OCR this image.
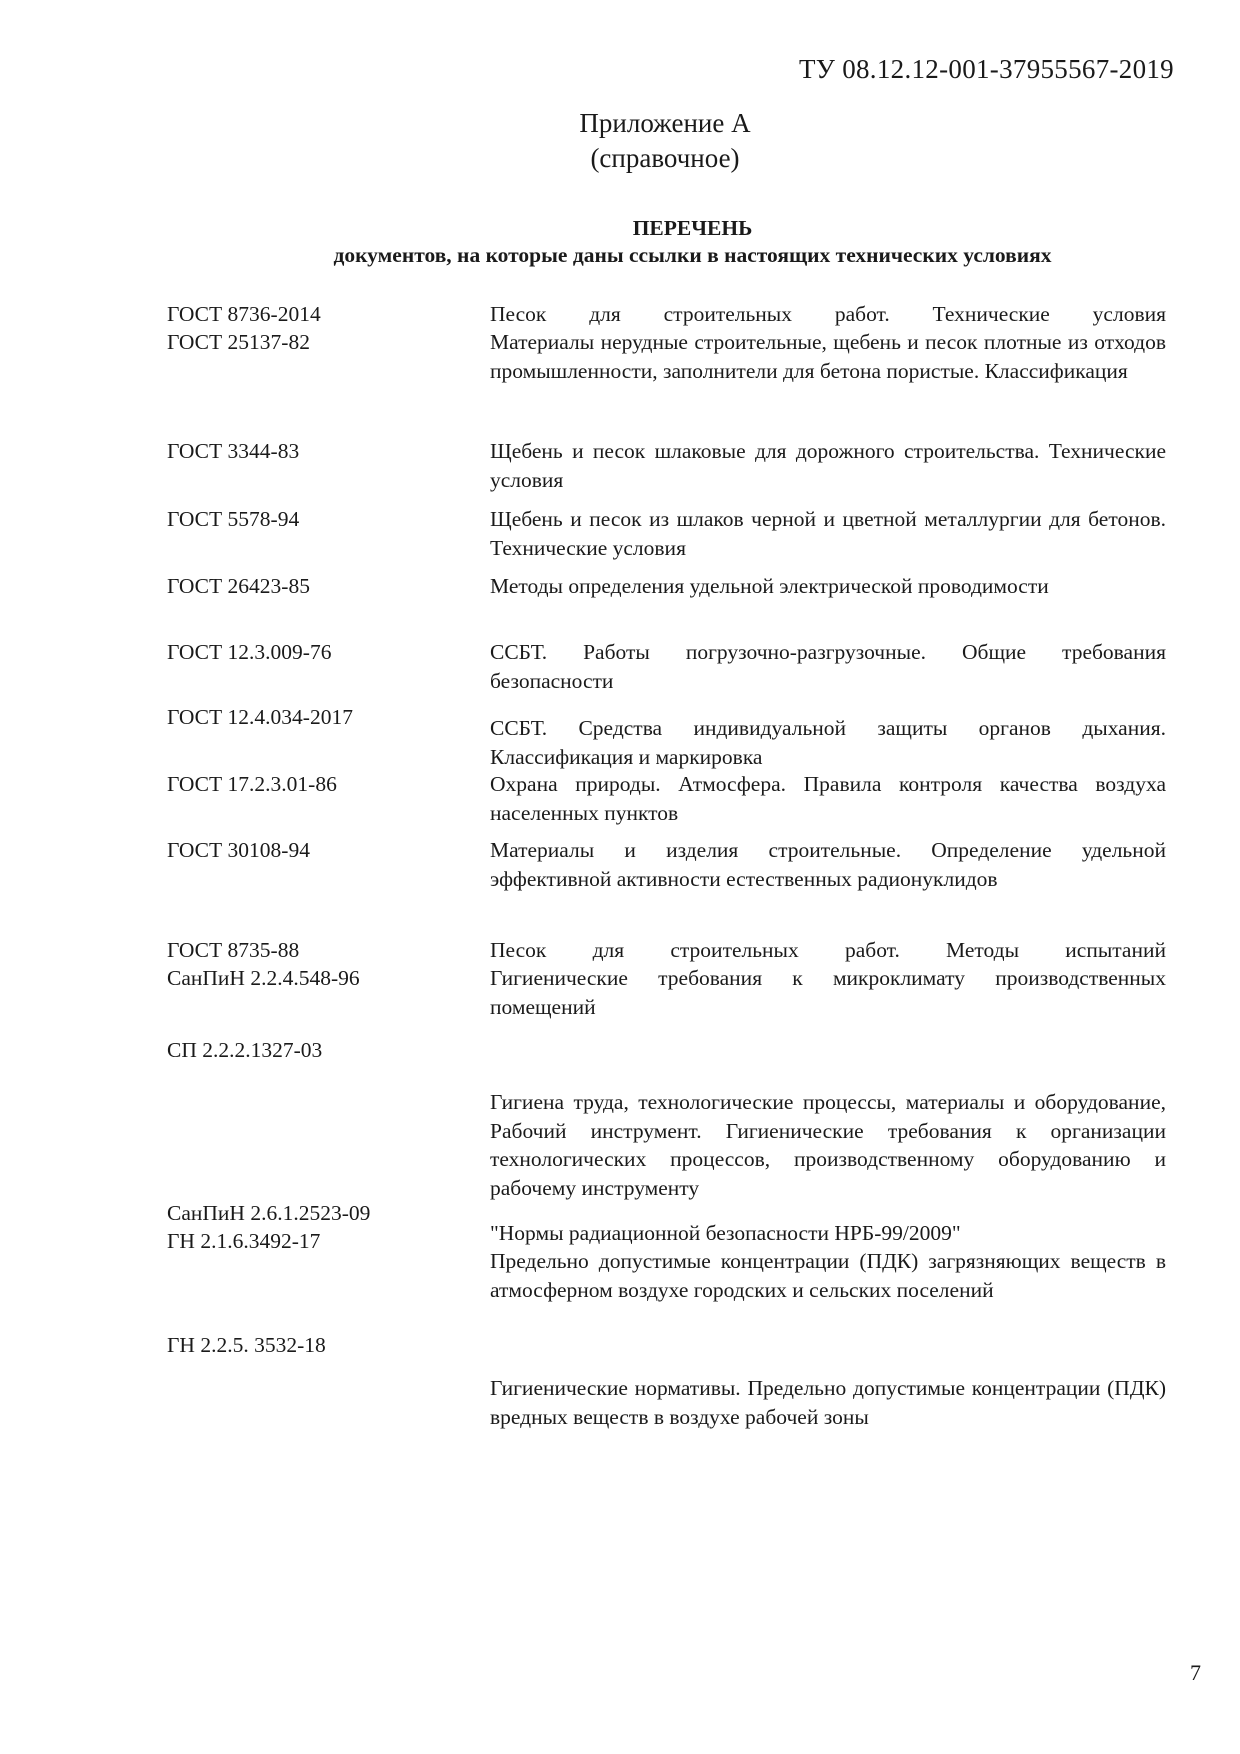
ТУ 08.12.12-001-37955567-2019
Приложение А
(справочное)
ПЕРЕЧЕНЬ
документов, на которые даны ссылки в настоящих технических условиях
ГОСТ 8736-2014
ГОСТ 25137-82
ГОСТ 3344-83
ГОСТ 5578-94
ГОСТ 26423-85
ГОСТ 12.3.009-76
ГОСТ 12.4.034-2017
ГОСТ 17.2.3.01-86
ГОСТ 30108-94
ГОСТ 8735-88
СанПиН 2.2.4.548-96
СП 2.2.2.1327-03
СанПиН 2.6.1.2523-09
ГН 2.1.6.3492-17
ГН 2.2.5. 3532-18
Песок для строительных работ. Технические условия
Материалы нерудные строительные, щебень и песок плотные из отходов промышленности, заполнители для бетона пористые. Классификация
Щебень и песок шлаковые для дорожного строительства. Технические условия
Щебень и песок из шлаков черной и цветной металлургии для бетонов. Технические условия
Методы определения удельной электрической проводимости
ССБТ. Работы погрузочно-разгрузочные. Общие требования безопасности
ССБТ. Средства индивидуальной защиты органов дыхания. Классификация и маркировка
Охрана природы. Атмосфера. Правила контроля качества воздуха населенных пунктов
Материалы и изделия строительные. Определение удельной эффективной активности естественных радионуклидов
Песок для строительных работ. Методы испытаний
Гигиенические требования к микроклимату производственных помещений
Гигиена труда, технологические процессы, материалы и оборудование, Рабочий инструмент. Гигиенические требования к организации технологических процессов, производственному оборудованию и рабочему инструменту
"Нормы радиационной безопасности НРБ-99/2009"
Предельно допустимые концентрации (ПДК) загрязняющих веществ в атмосферном воздухе городских и сельских поселений
Гигиенические нормативы. Предельно допустимые концентрации (ПДК) вредных веществ в воздухе рабочей зоны
7
